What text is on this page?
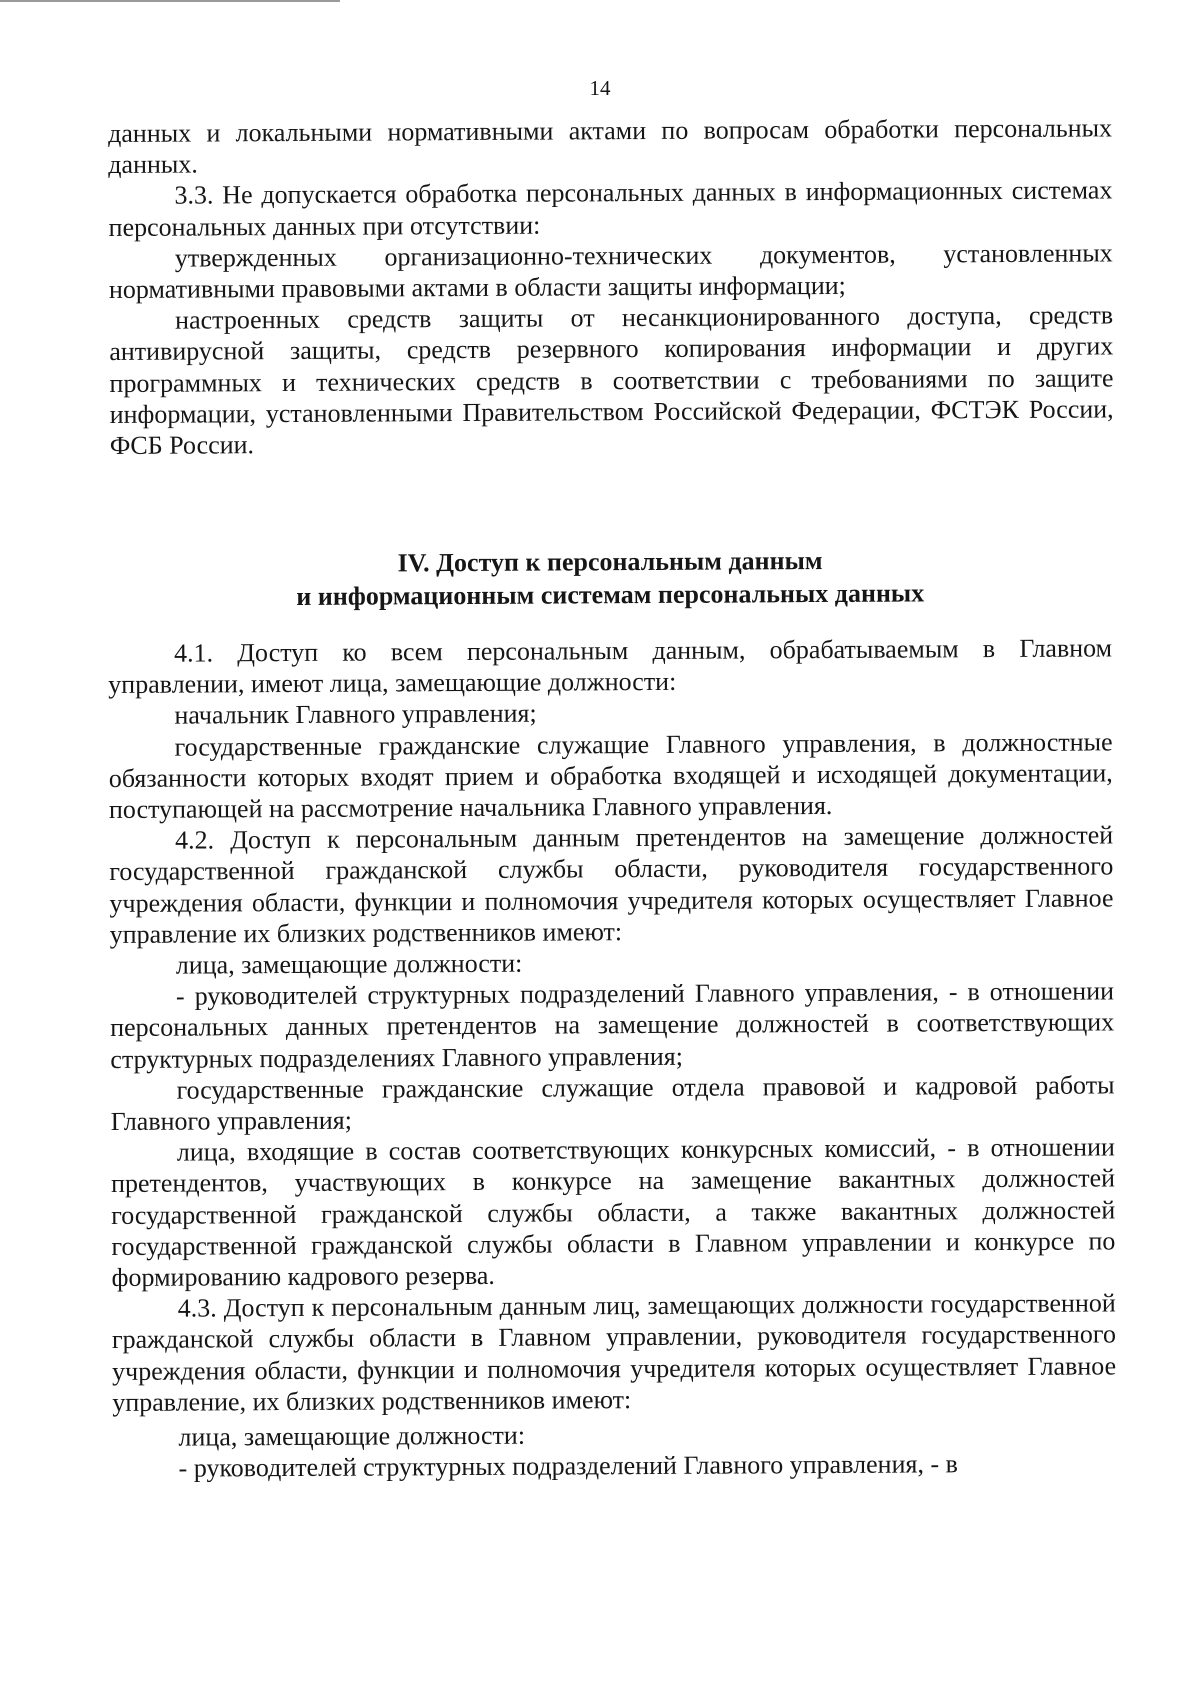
14

данных и локальными нормативными актами по вопросам обработки персональных данных.

3.3. Не допускается обработка персональных данных в информационных системах персональных данных при отсутствии:

утвержденных организационно-технических документов, установленных нормативными правовыми актами в области защиты информации;

настроенных средств защиты от несанкционированного доступа, средств антивирусной защиты, средств резервного копирования информации и других программных и технических средств в соответствии с требованиями по защите информации, установленными Правительством Российской Федерации, ФСТЭК России, ФСБ России.

IV. Доступ к персональным данным
и информационным системам персональных данных

4.1. Доступ ко всем персональным данным, обрабатываемым в Главном управлении, имеют лица, замещающие должности:

начальник Главного управления;

государственные гражданские служащие Главного управления, в должностные обязанности которых входят прием и обработка входящей и исходящей документации, поступающей на рассмотрение начальника Главного управления.

4.2. Доступ к персональным данным претендентов на замещение должностей государственной гражданской службы области, руководителя государственного учреждения области, функции и полномочия учредителя которых осуществляет Главное управление их близких родственников имеют:

лица, замещающие должности:

- руководителей структурных подразделений Главного управления, - в отношении персональных данных претендентов на замещение должностей в соответствующих структурных подразделениях Главного управления;

государственные гражданские служащие отдела правовой и кадровой работы Главного управления;

лица, входящие в состав соответствующих конкурсных комиссий, - в отношении претендентов, участвующих в конкурсе на замещение вакантных должностей государственной гражданской службы области, а также вакантных должностей государственной гражданской службы области в Главном управлении и конкурсе по формированию кадрового резерва.

4.3. Доступ к персональным данным лиц, замещающих должности государственной гражданской службы области в Главном управлении, руководителя государственного учреждения области, функции и полномочия учредителя которых осуществляет Главное управление, их близких родственников имеют:

лица, замещающие должности:

- руководителей структурных подразделений Главного управления, - в
